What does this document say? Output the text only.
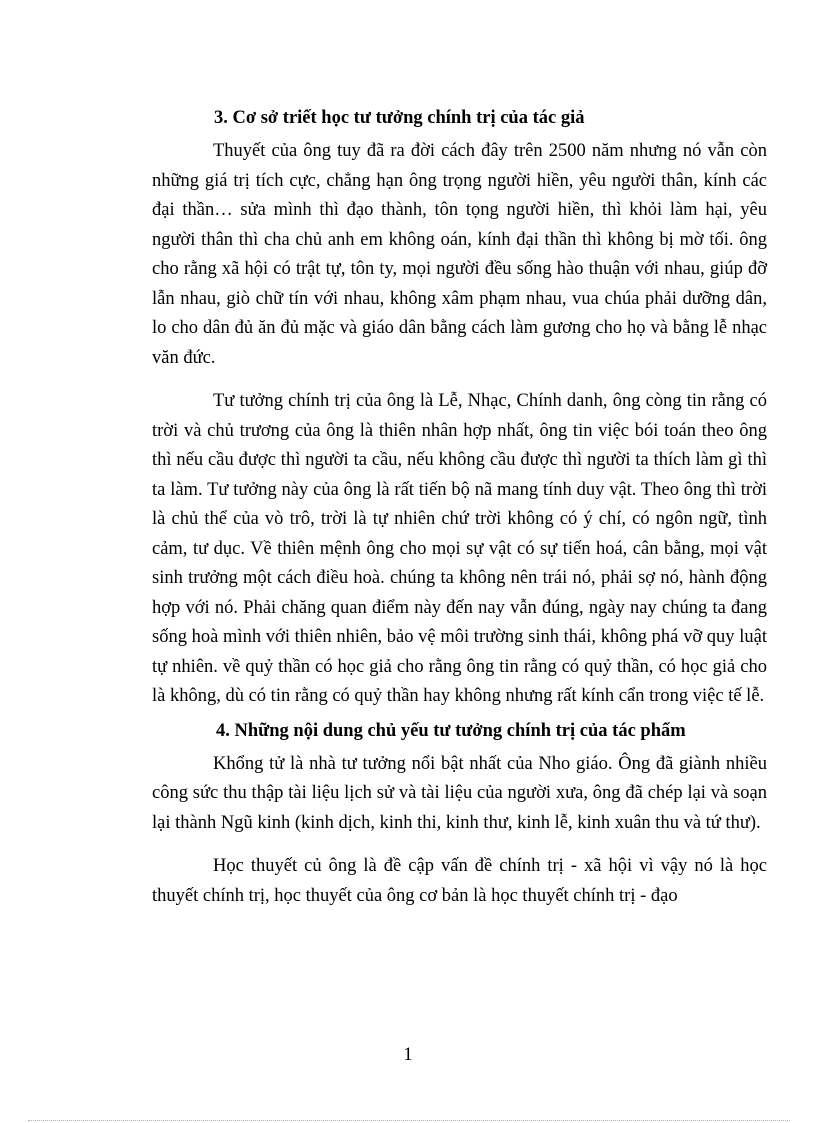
3. Cơ sở triết học tư tưởng chính trị của tác giả

Thuyết của ông tuy đã ra đời cách đây trên 2500 năm nhưng nó vẫn còn những giá trị tích cực, chẳng hạn ông trọng người hiền, yêu người thân, kính các đại thần… sửa mình thì đạo thành, tôn tọng người hiền, thì khỏi làm hại, yêu người thân thì cha chủ anh em không oán, kính đại thần thì không bị mờ tối. ông cho rằng xã hội có trật tự, tôn ty, mọi người đều sống hào thuận với nhau, giúp đỡ lẫn nhau, giò chữ tín với nhau, không xâm phạm nhau, vua chúa phải dưỡng dân, lo cho dân đủ ăn đủ mặc và giáo dân bằng cách làm gương cho họ và bằng lễ nhạc văn đức.

Tư tưởng chính trị của ông là Lễ, Nhạc, Chính danh, ông còng tin rằng có trời và chủ trương của ông là thiên nhân hợp nhất, ông tin việc bói toán theo ông thì nếu cầu được thì người ta cầu, nếu không cầu được thì người ta thích làm gì thì ta làm. Tư tưởng này của ông là rất tiến bộ nã mang tính duy vật. Theo ông thì trời là chủ thể của vò trô, trời là tự nhiên chứ trời không có ý chí, có ngôn ngữ, tình cảm, tư dục. Về thiên mệnh ông cho mọi sự vật có sự tiến hoá, cân bằng, mọi vật sinh trưởng một cách điều hoà. chúng ta không nên trái nó, phải sợ nó, hành động hợp với nó. Phải chăng quan điểm này đến nay vẫn đúng, ngày nay chúng ta đang sống hoà mình với thiên nhiên, bảo vệ môi trường sinh thái, không phá vỡ quy luật tự nhiên. về quỷ thần có học giả cho rằng ông tin rằng có quỷ thần, có học giả cho là không, dù có tin rằng có quỷ thần hay không nhưng rất kính cẩn trong việc tế lễ.

4. Những nội dung chủ yếu tư tưởng chính trị của tác phẩm

Khổng tử là nhà tư tưởng nổi bật nhất của Nho giáo. Ông đã giành nhiều công sức thu thập tài liệu lịch sử và tài liệu của người xưa, ông đã chép lại và soạn lại thành Ngũ kinh (kinh dịch, kinh thi, kinh thư, kinh lễ, kinh xuân thu và tứ thư).

Học thuyết củ ông là đề cập vấn đề chính trị - xã hội vì vậy nó là học thuyết chính trị, học thuyết của ông cơ bản là học thuyết chính trị - đạo

1
